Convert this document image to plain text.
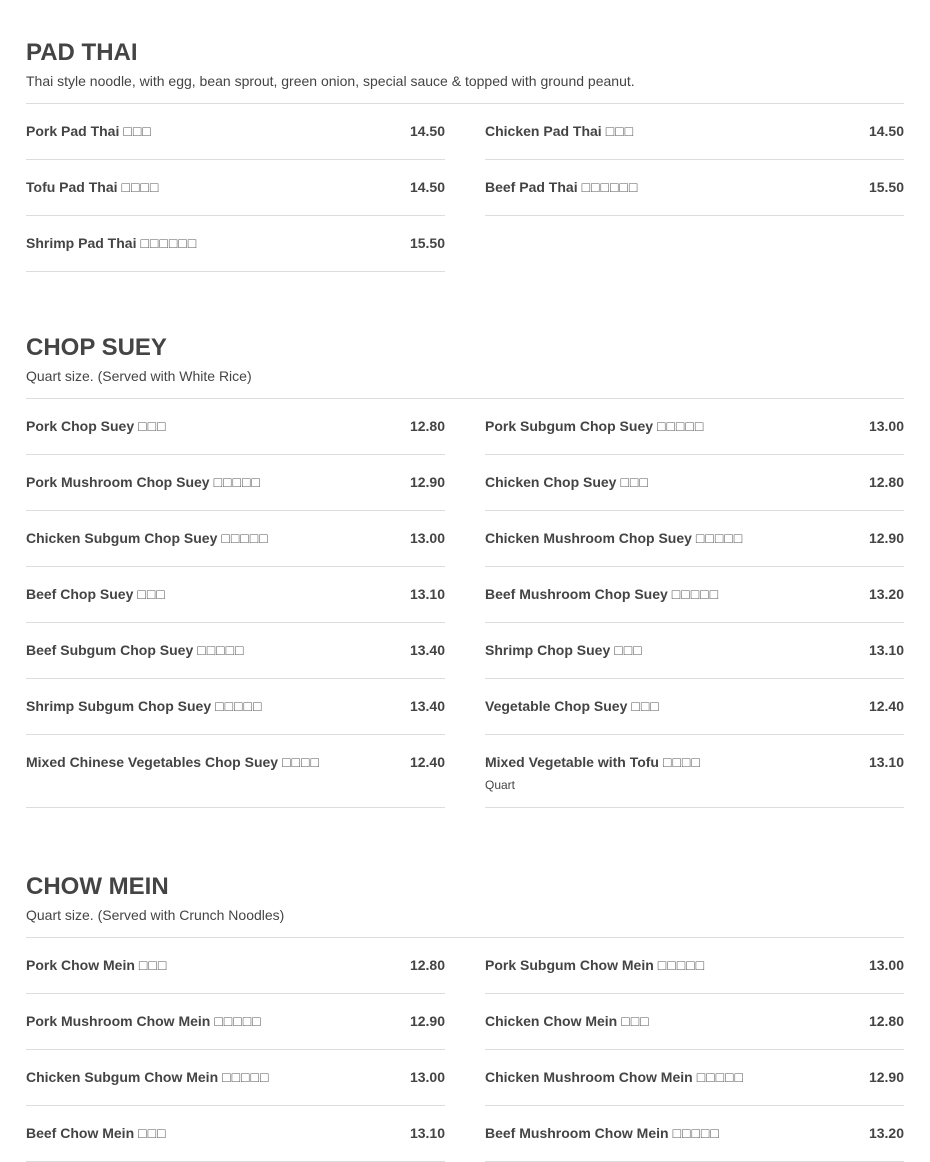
PAD THAI
Thai style noodle, with egg, bean sprout, green onion, special sauce & topped with ground peanut.
Pork Pad Thai □□□	14.50
Tofu Pad Thai □□□□	14.50
Shrimp Pad Thai □□□□□□	15.50
Chicken Pad Thai □□□	14.50
Beef Pad Thai □□□□□□	15.50
CHOP SUEY
Quart size. (Served with White Rice)
Pork Chop Suey □□□	12.80
Pork Mushroom Chop Suey □□□□□	12.90
Chicken Subgum Chop Suey □□□□□	13.00
Beef Chop Suey □□□	13.10
Beef Subgum Chop Suey □□□□□	13.40
Shrimp Subgum Chop Suey □□□□□	13.40
Mixed Chinese Vegetables Chop Suey □□□□	12.40
Pork Subgum Chop Suey □□□□□	13.00
Chicken Chop Suey □□□	12.80
Chicken Mushroom Chop Suey □□□□□	12.90
Beef Mushroom Chop Suey □□□□□	13.20
Shrimp Chop Suey □□□	13.10
Vegetable Chop Suey □□□	12.40
Mixed Vegetable with Tofu □□□□	13.10
Quart
CHOW MEIN
Quart size. (Served with Crunch Noodles)
Pork Chow Mein □□□	12.80
Pork Mushroom Chow Mein □□□□□	12.90
Chicken Subgum Chow Mein □□□□□	13.00
Beef Chow Mein □□□	13.10
Pork Subgum Chow Mein □□□□□	13.00
Chicken Chow Mein □□□	12.80
Chicken Mushroom Chow Mein □□□□□	12.90
Beef Mushroom Chow Mein □□□□□	13.20
